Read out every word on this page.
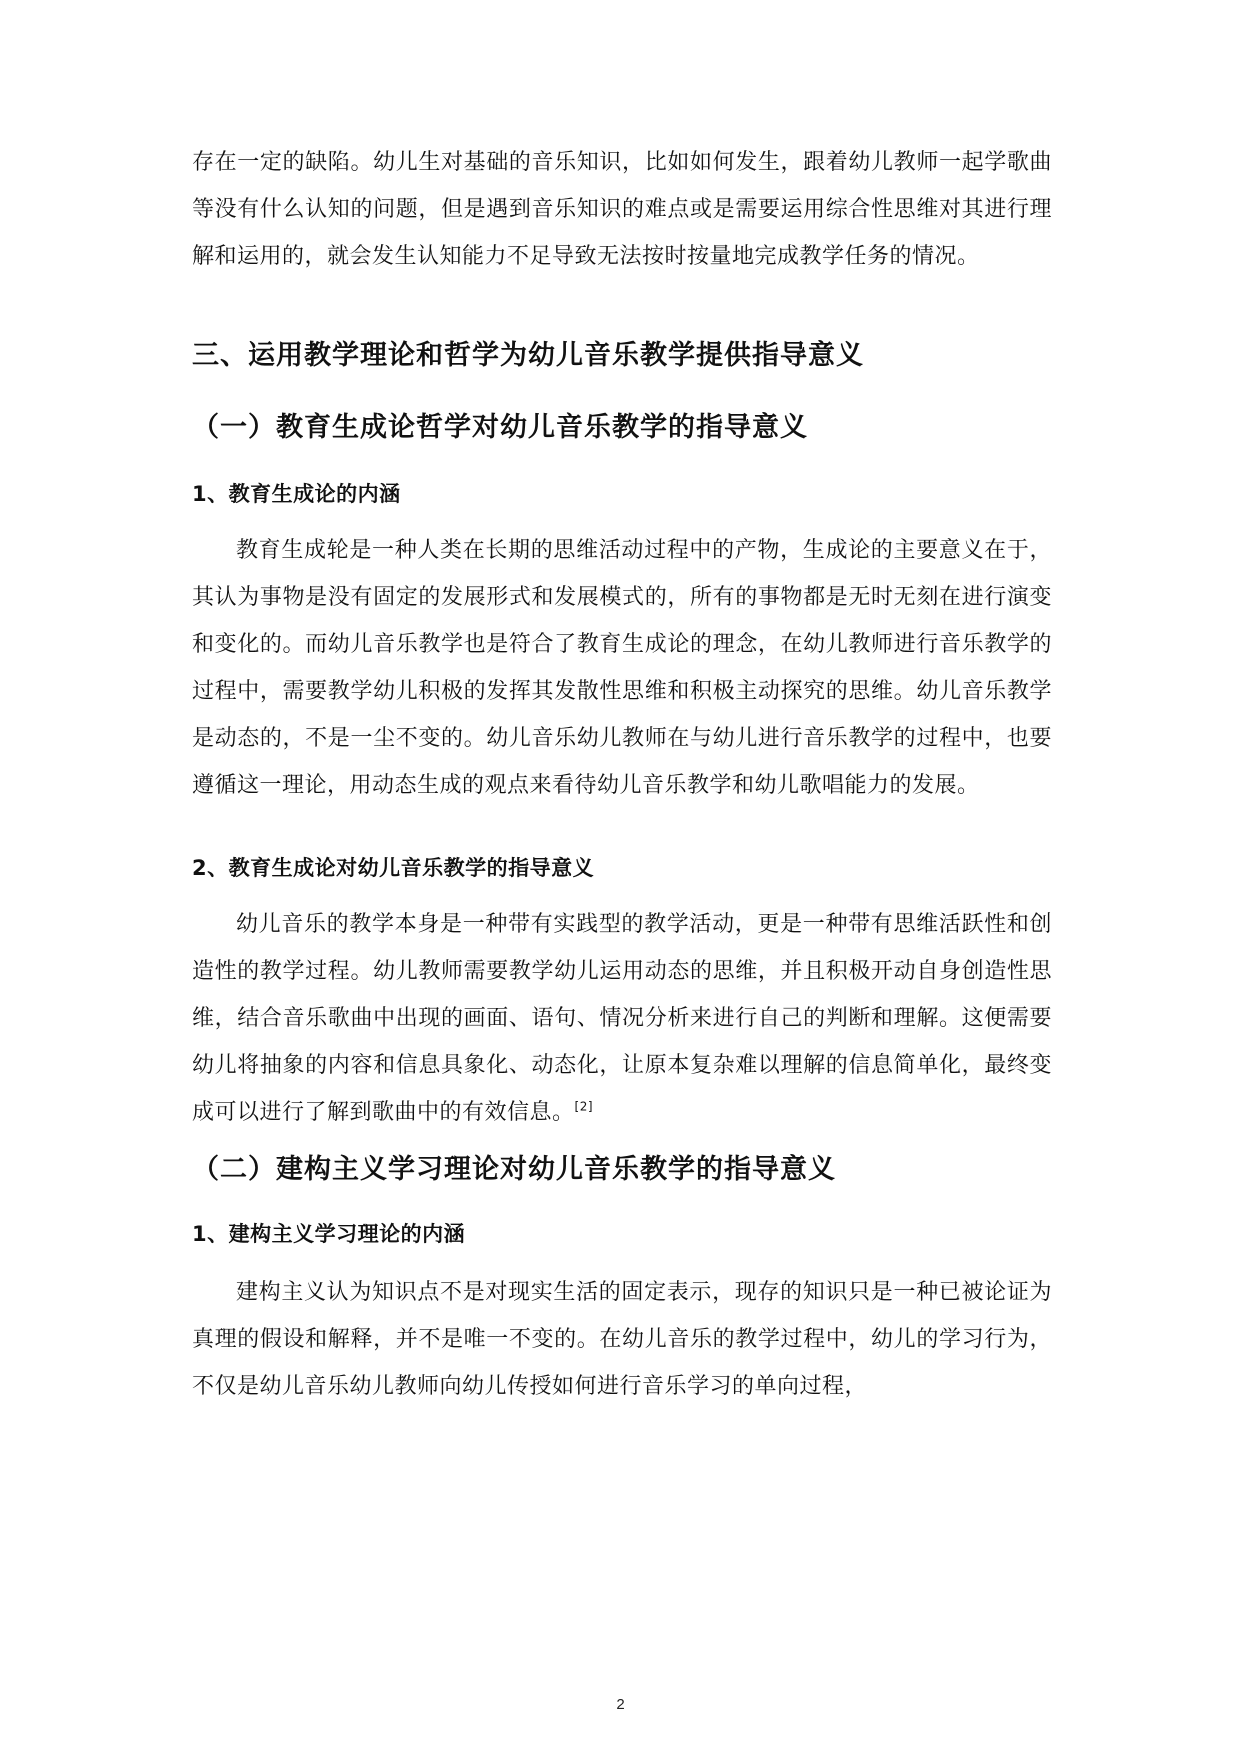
存在一定的缺陷。幼儿生对基础的音乐知识，比如如何发生，跟着幼儿教师一起学歌曲等没有什么认知的问题，但是遇到音乐知识的难点或是需要运用综合性思维对其进行理解和运用的，就会发生认知能力不足导致无法按时按量地完成教学任务的情况。

三、运用教学理论和哲学为幼儿音乐教学提供指导意义
（一）教育生成论哲学对幼儿音乐教学的指导意义
1、教育生成论的内涵

教育生成轮是一种人类在长期的思维活动过程中的产物，生成论的主要意义在于，其认为事物是没有固定的发展形式和发展模式的，所有的事物都是无时无刻在进行演变和变化的。而幼儿音乐教学也是符合了教育生成论的理念，在幼儿教师进行音乐教学的过程中，需要教学幼儿积极的发挥其发散性思维和积极主动探究的思维。幼儿音乐教学是动态的，不是一尘不变的。幼儿音乐幼儿教师在与幼儿进行音乐教学的过程中，也要遵循这一理论，用动态生成的观点来看待幼儿音乐教学和幼儿歌唱能力的发展。

2、教育生成论对幼儿音乐教学的指导意义

幼儿音乐的教学本身是一种带有实践型的教学活动，更是一种带有思维活跃性和创造性的教学过程。幼儿教师需要教学幼儿运用动态的思维，并且积极开动自身创造性思维，结合音乐歌曲中出现的画面、语句、情况分析来进行自己的判断和理解。这便需要幼儿将抽象的内容和信息具象化、动态化，让原本复杂难以理解的信息简单化，最终变成可以进行了解到歌曲中的有效信息。[2]

（二）建构主义学习理论对幼儿音乐教学的指导意义
1、建构主义学习理论的内涵

建构主义认为知识点不是对现实生活的固定表示，现存的知识只是一种已被论证为真理的假设和解释，并不是唯一不变的。在幼儿音乐的教学过程中，幼儿的学习行为，不仅是幼儿音乐幼儿教师向幼儿传授如何进行音乐学习的单向过程，

2
